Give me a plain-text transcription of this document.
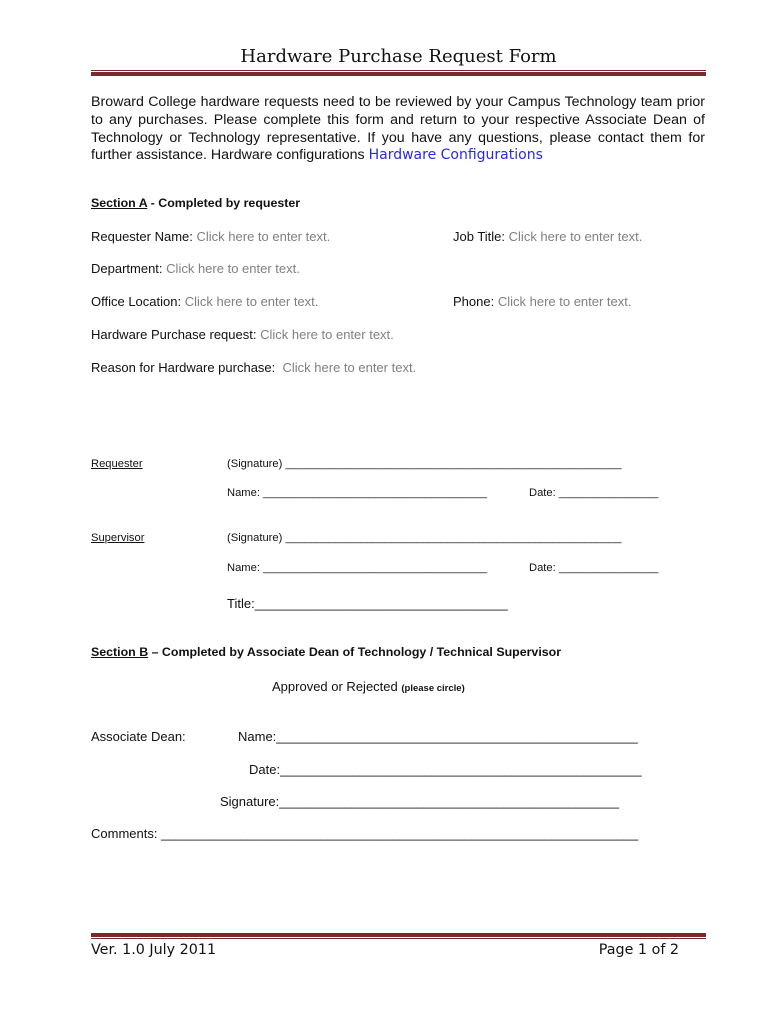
Hardware Purchase Request Form
Broward College hardware requests need to be reviewed by your Campus Technology team prior to any purchases. Please complete this form and return to your respective Associate Dean of Technology or Technology representative. If you have any questions, please contact them for further assistance. Hardware configurations Hardware Configurations
Section A - Completed by requester
Requester Name: Click here to enter text.	Job Title: Click here to enter text.
Department: Click here to enter text.
Office Location: Click here to enter text.	Phone: Click here to enter text.
Hardware Purchase request: Click here to enter text.
Reason for Hardware purchase: Click here to enter text.
Requester	(Signature) ______________________________________________________
Name: ____________________________________	Date: ________________
Supervisor	(Signature) ______________________________________________________
Name: ____________________________________	Date: ________________
Title:___________________________________
Section B – Completed by Associate Dean of Technology / Technical Supervisor
Approved or Rejected (please circle)
Associate Dean:	Name:__________________________________________________
Date:__________________________________________________
Signature:_______________________________________________
Comments: __________________________________________________________________
Ver. 1.0 July 2011	Page 1 of 2
